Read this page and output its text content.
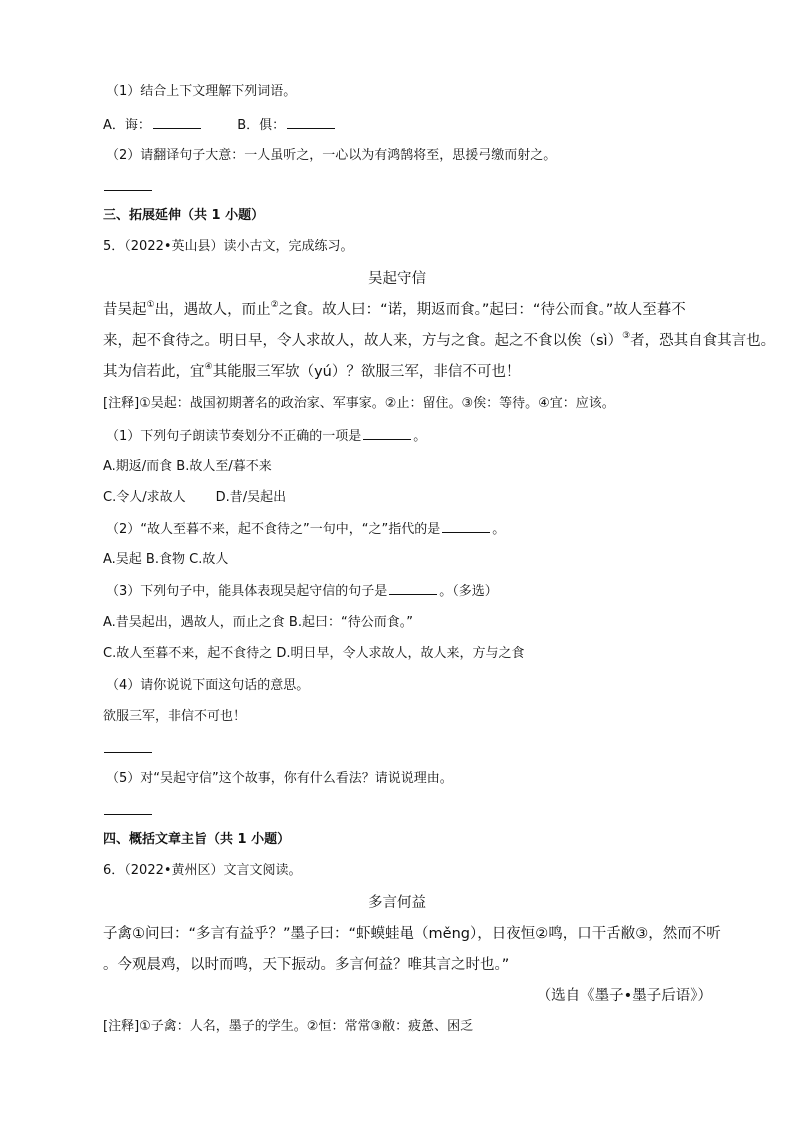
（1）结合上下文理解下列词语。
A．诲：	B．俱：
（2）请翻译句子大意：一人虽听之，一心以为有鸿鹄将至，思援弓缴而射之。
三、拓展延伸（共 1 小题）
5．（2022•英山县）读小古文，完成练习。
吴起守信
昔吴起①出，遇故人，而止②之食。故人曰：“诺，期返而食。”起曰：“待公而食。”故人至暮不
来，起不食待之。明日早，令人求故人，故人来，方与之食。起之不食以俟（sì）③者，恐其自食其言也。
其为信若此，宜④其能服三军欤（yú）？欲服三军，非信不可也！
[注释]①吴起：战国初期著名的政治家、军事家。②止：留住。③俟：等待。④宜：应该。
（1）下列句子朗读节奏划分不正确的一项是	。
A.期返/而食 B.故人至/暮不来
C.令人/求故人 D.昔/吴起出
（2）“故人至暮不来，起不食待之”一句中，“之”指代的是	。
A.吴起 B.食物 C.故人
（3）下列句子中，能具体表现吴起守信的句子是	。（多选）
A.昔吴起出，遇故人，而止之食 B.起曰：“待公而食。”
C.故人至暮不来，起不食待之 D.明日早，令人求故人，故人来，方与之食
（4）请你说说下面这句话的意思。
欲服三军，非信不可也！
（5）对“吴起守信”这个故事，你有什么看法？请说说理由。
四、概括文章主旨（共 1 小题）
6．（2022•黄州区）文言文阅读。
多言何益
子禽①问曰：“多言有益乎？”墨子曰：“虾蟆蛙黾（měng），日夜恒②鸣，口干舌敝③，然而不听
。今观晨鸡，以时而鸣，天下振动。多言何益？唯其言之时也。”
（选自《墨子•墨子后语》）
[注释]①子禽：人名，墨子的学生。②恒：常常③敝：疲惫、困乏
